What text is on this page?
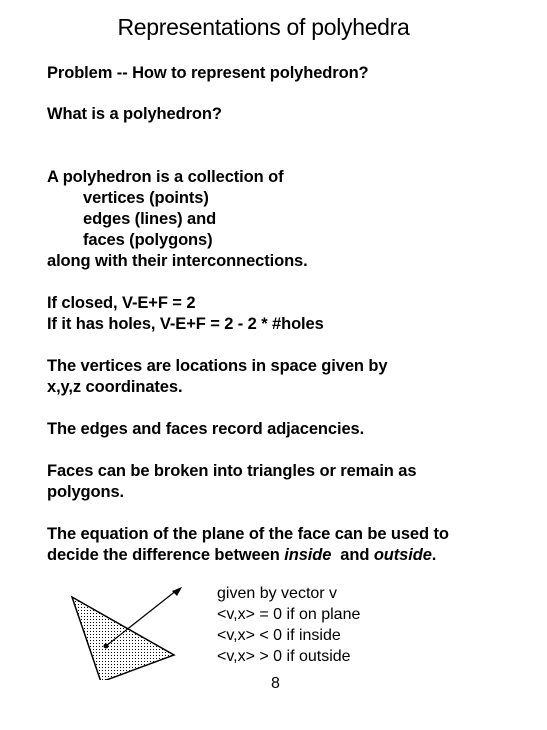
Representations of polyhedra
Problem -- How to represent polyhedron?
What is a polyhedron?
A polyhedron is a collection of
vertices (points)
edges (lines) and
faces (polygons)
along with their interconnections.
If closed, V-E+F = 2
If it has holes, V-E+F = 2 - 2 * #holes
The vertices are locations in space given by
x,y,z coordinates.
The edges and faces record adjacencies.
Faces can be broken into triangles or remain as
polygons.
The equation of the plane of the face can be used to
decide the difference between inside and outside.
given by vector v
<v,x> = 0 if on plane
<v,x> < 0 if inside
<v,x> > 0 if outside
8
